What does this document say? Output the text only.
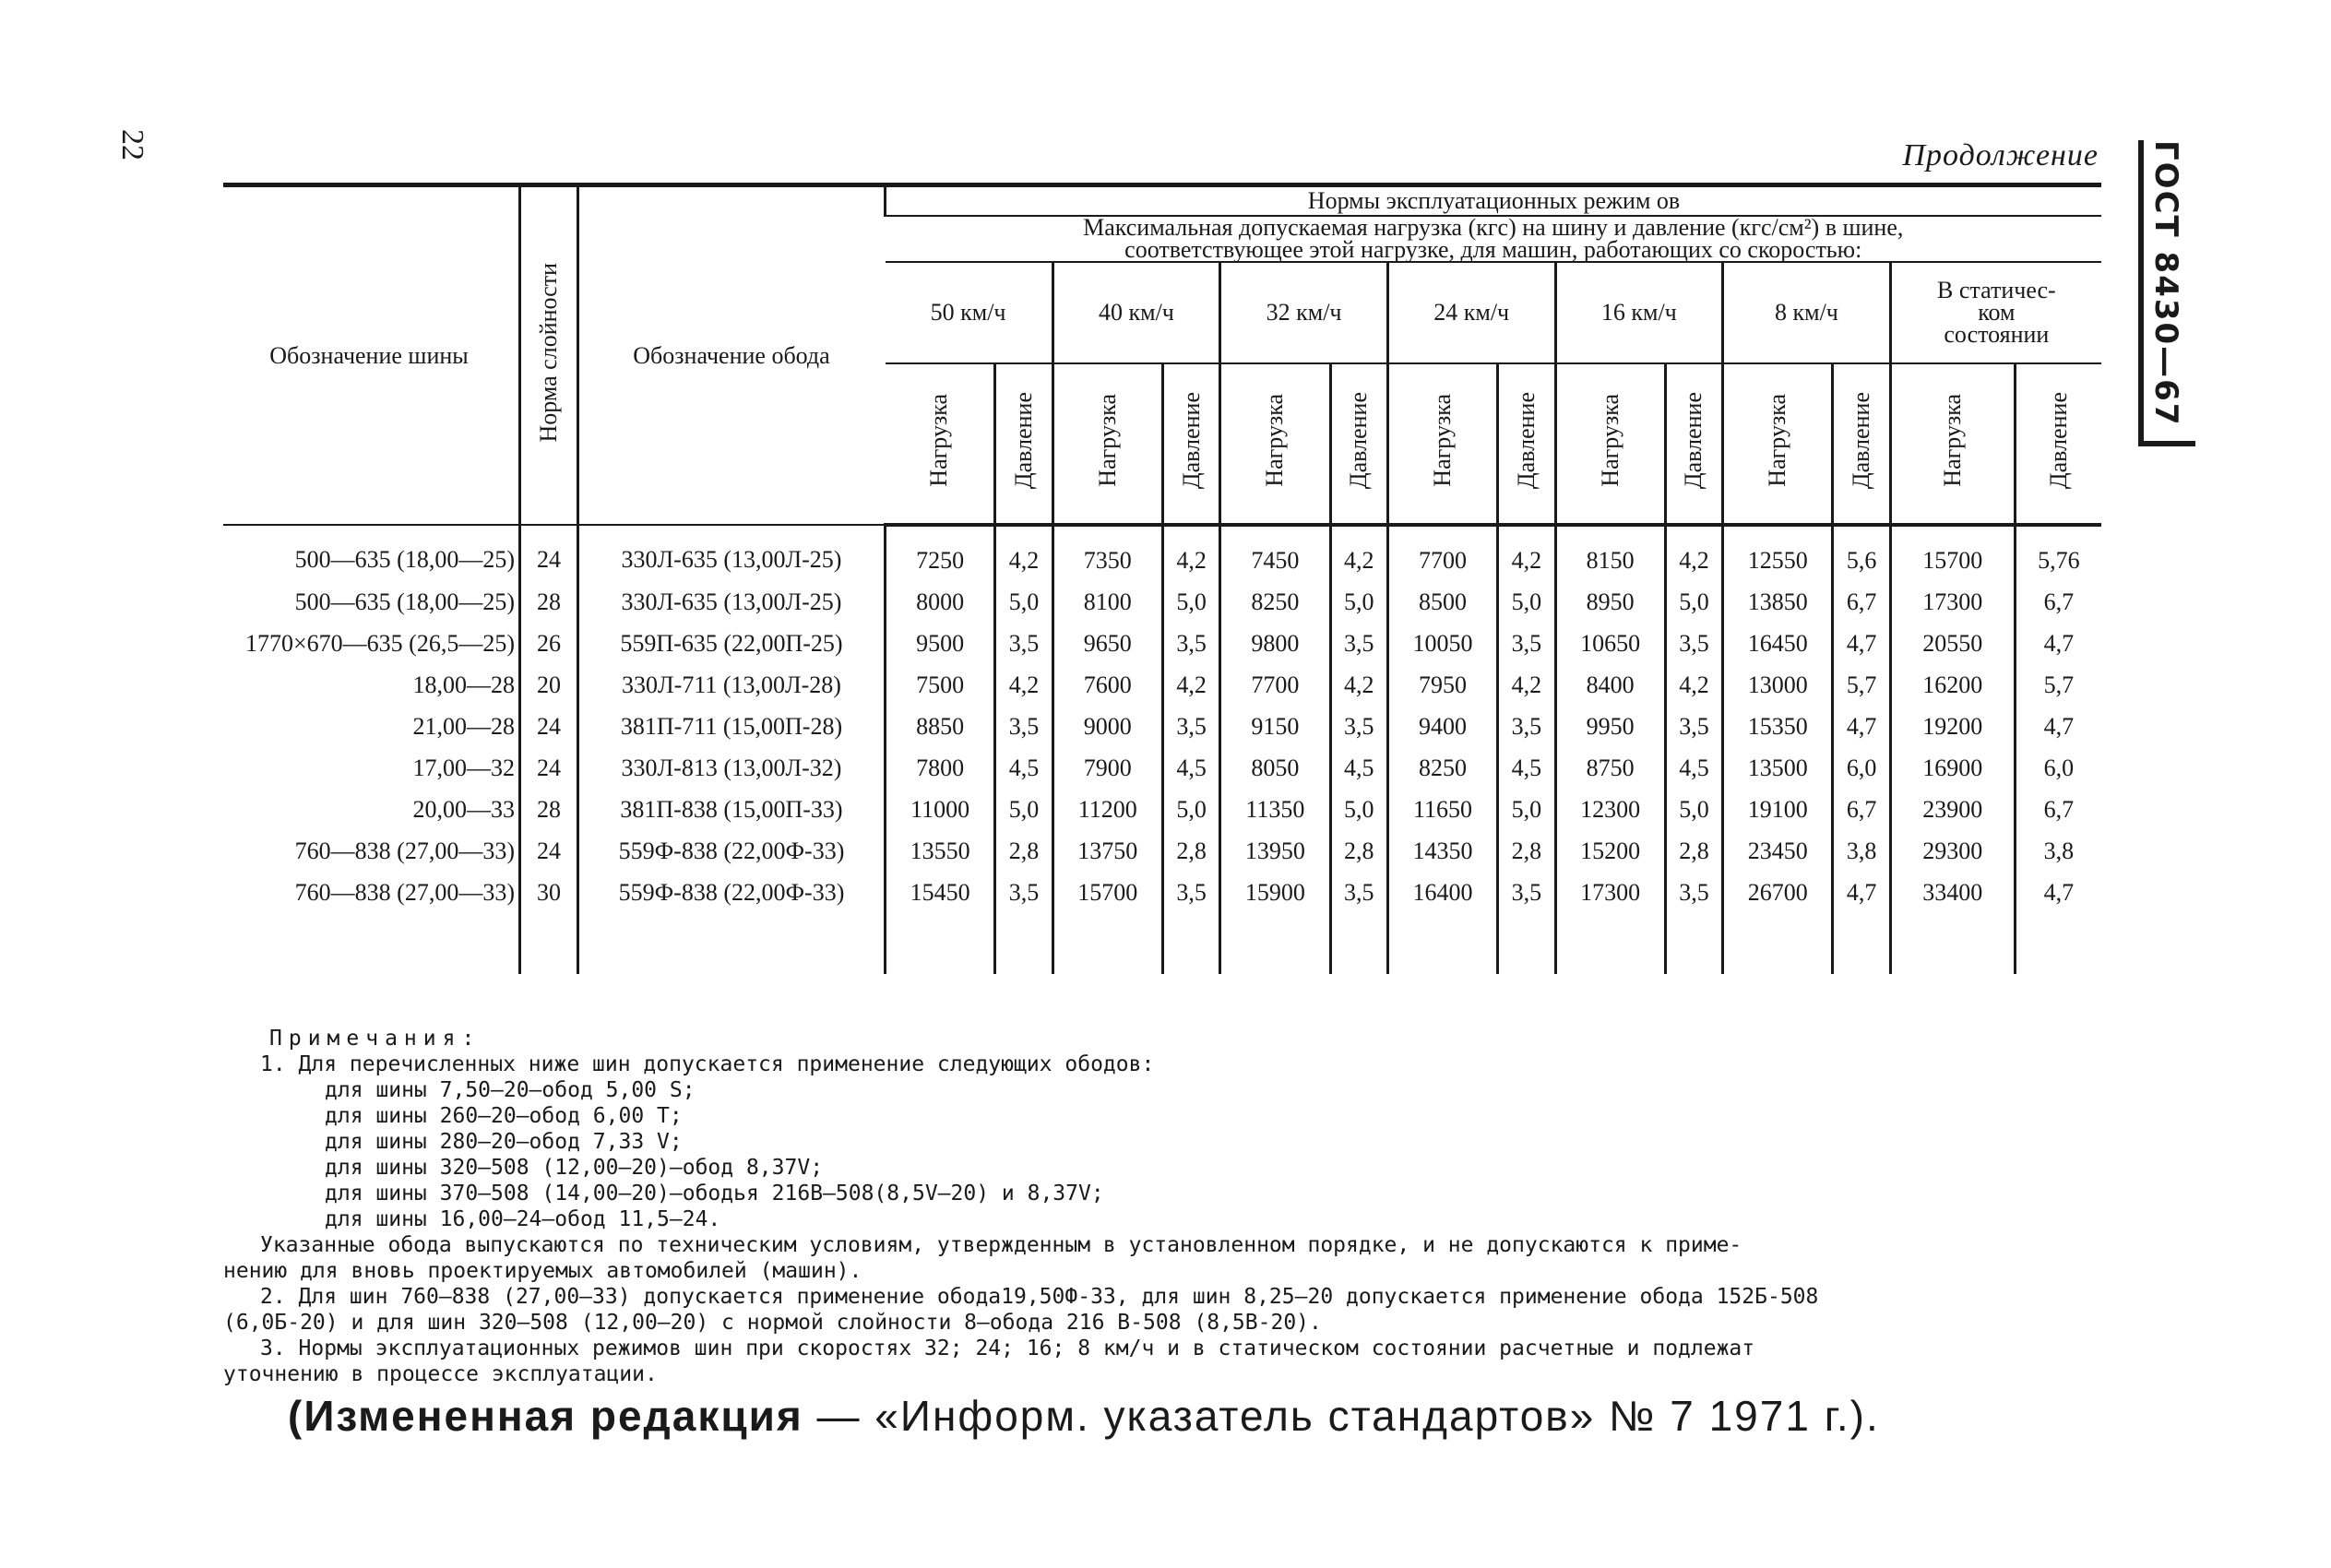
22	Продолжение ГОСТ 8430—67
Обозначение шины	Норма слойности	Обозначение обода	Нормы эксплуатационных режим ов													

			Максимальная допускаемая нагрузка (кгс) на шину и давление (кгс/см²) в шине,
соответствующее этой нагрузке, для машин, работающих со скоростью:													

			50 км/ч		40 км/ч		32 км/ч		24 км/ч		16 км/ч		8 км/ч		В статичес-
ком
состоянии	

			Нагрузка	Давление	Нагрузка	Давление	Нагрузка	Давление	Нагрузка	Давление	Нагрузка	Давление	Нагрузка	Давление	Нагрузка	Давление
500—635 (18,00—25)	24	330Л-635 (13,00Л-25)	7250	4,2	7350	4,2	7450	4,2	7700	4,2	8150	4,2	12550	5,6	15700	5,76
500—635 (18,00—25)	28	330Л-635 (13,00Л-25)	8000	5,0	8100	5,0	8250	5,0	8500	5,0	8950	5,0	13850	6,7	17300	6,7
1770×670—635 (26,5—25)	26	559П-635 (22,00П-25)	9500	3,5	9650	3,5	9800	3,5	10050	3,5	10650	3,5	16450	4,7	20550	4,7
18,00—28	20	330Л-711 (13,00Л-28)	7500	4,2	7600	4,2	7700	4,2	7950	4,2	8400	4,2	13000	5,7	16200	5,7
21,00—28	24	381П-711 (15,00П-28)	8850	3,5	9000	3,5	9150	3,5	9400	3,5	9950	3,5	15350	4,7	19200	4,7
17,00—32	24	330Л-813 (13,00Л-32)	7800	4,5	7900	4,5	8050	4,5	8250	4,5	8750	4,5	13500	6,0	16900	6,0
20,00—33	28	381П-838 (15,00П-33)	11000	5,0	11200	5,0	11350	5,0	11650	5,0	12300	5,0	19100	6,7	23900	6,7
760—838 (27,00—33)	24	559Ф-838 (22,00Ф-33)	13550	2,8	13750	2,8	13950	2,8	14350	2,8	15200	2,8	23450	3,8	29300	3,8
760—838 (27,00—33)	30	559Ф-838 (22,00Ф-33)	15450	3,5	15700	3,5	15900	3,5	16400	3,5	17300	3,5	26700	4,7	33400	4,7

Примечания:
1. Для перечисленных ниже шин допускается применение следующих ободов:
для шины 7,50—20—обод 5,00 S;
для шины 260—20—обод 6,00 Т;
для шины 280—20—обод 7,33 V;
для шины 320—508 (12,00—20)—обод 8,37V;
для шины 370—508 (14,00—20)—ободья 216В—508(8,5V—20) и 8,37V;
для шины 16,00—24—обод 11,5—24.
Указанные обода выпускаются по техническим условиям, утвержденным в установленном порядке, и не допускаются к приме-
нению для вновь проектируемых автомобилей (машин).
2. Для шин 760—838 (27,00—33) допускается применение обода19,50Ф-33, для шин 8,25—20 допускается применение обода 152Б-508
(6,0Б-20) и для шин 320—508 (12,00—20) с нормой слойности 8—обода 216 В-508 (8,5В-20).
3. Нормы эксплуатационных режимов шин при скоростях 32; 24; 16; 8 км/ч и в статическом состоянии расчетные и подлежат
уточнению в процессе эксплуатации.
(Измененная редакция — «Информ. указатель стандартов» № 7 1971 г.).
